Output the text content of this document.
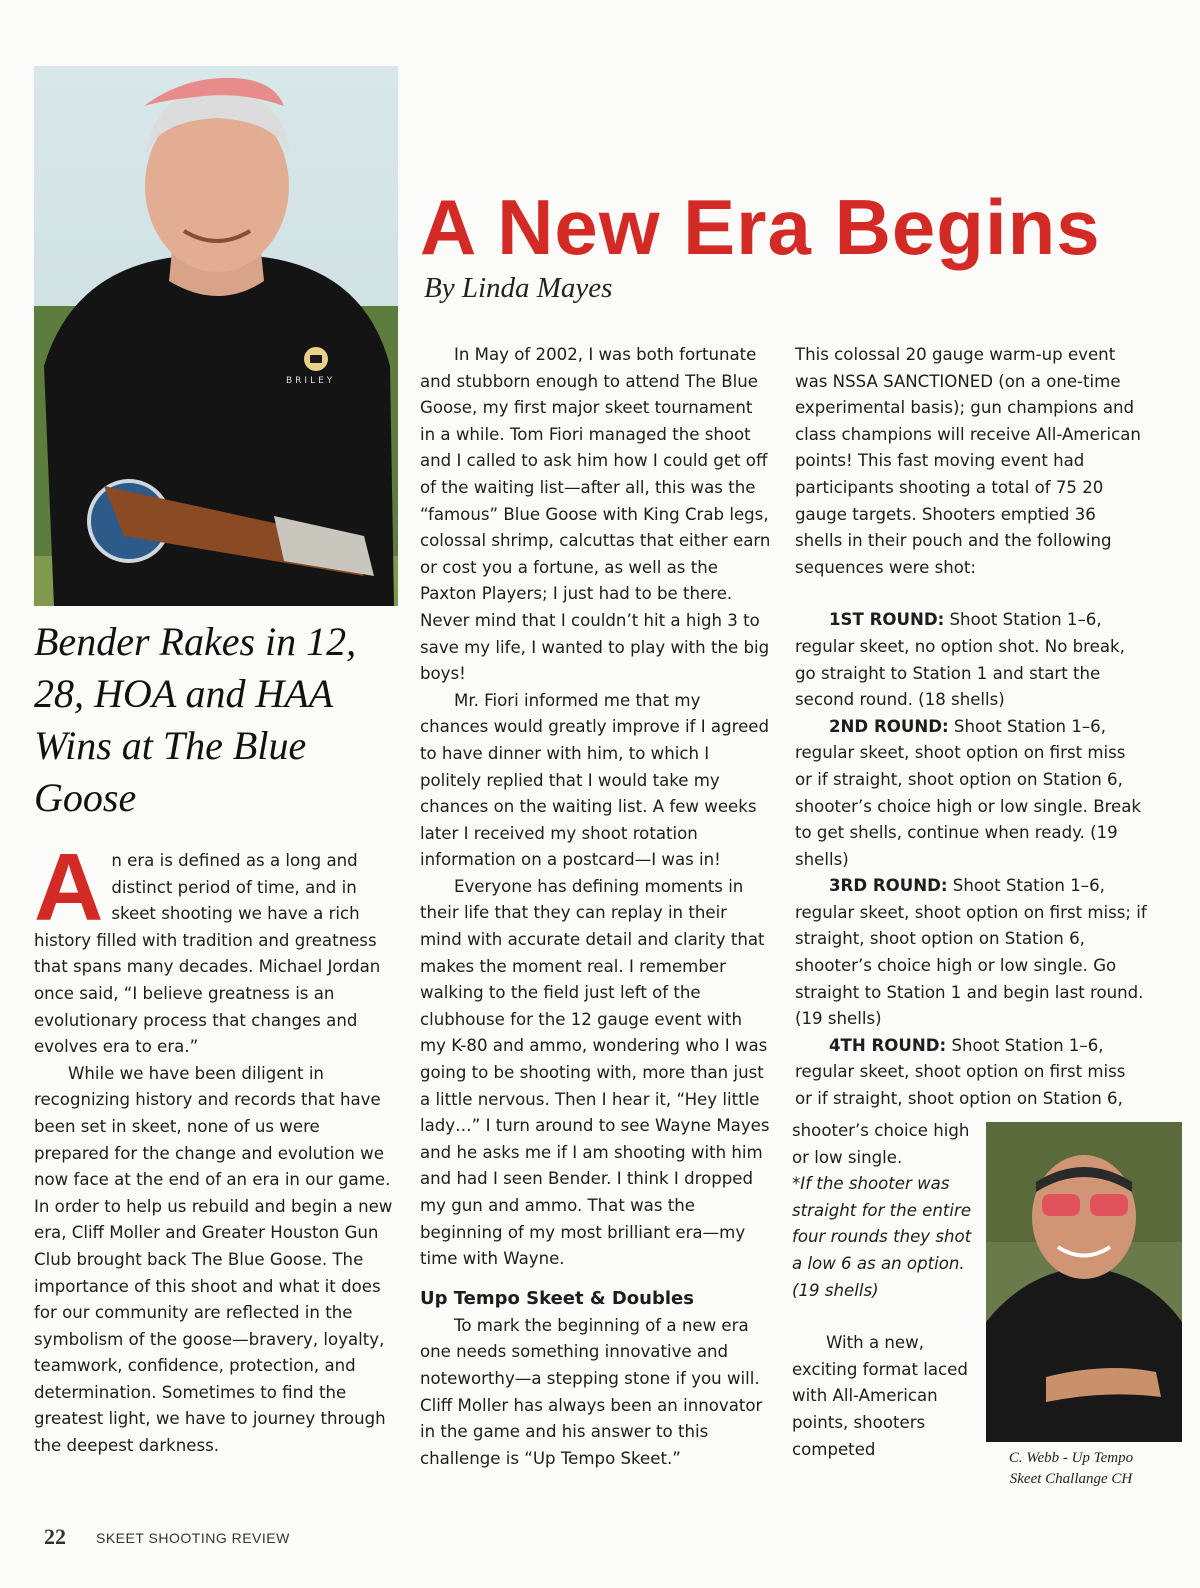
BRILEY
A New Era Begins
By Linda Mayes
Bender Rakes in 12, 28, HOA and HAA Wins at The Blue Goose
A n era is defined as a long and distinct period of time, and in skeet shooting we have a rich history filled with tradition and greatness that spans many decades. Michael Jordan once said, “I believe greatness is an evolutionary process that changes and evolves era to era.”

While we have been diligent in recognizing history and records that have been set in skeet, none of us were prepared for the change and evolution we now face at the end of an era in our game. In order to help us rebuild and begin a new era, Cliff Moller and Greater Houston Gun Club brought back The Blue Goose. The importance of this shoot and what it does for our community are reflected in the symbolism of the goose—bravery, loyalty, teamwork, confidence, protection, and determination. Sometimes to find the greatest light, we have to journey through the deepest darkness.

In May of 2002, I was both fortunate and stubborn enough to attend The Blue Goose, my first major skeet tournament in a while. Tom Fiori managed the shoot and I called to ask him how I could get off of the waiting list—after all, this was the “famous” Blue Goose with King Crab legs, colossal shrimp, calcuttas that either earn or cost you a fortune, as well as the Paxton Players; I just had to be there. Never mind that I couldn’t hit a high 3 to save my life, I wanted to play with the big boys!

Mr. Fiori informed me that my chances would greatly improve if I agreed to have dinner with him, to which I politely replied that I would take my chances on the waiting list. A few weeks later I received my shoot rotation information on a postcard—I was in!

Everyone has defining moments in their life that they can replay in their mind with accurate detail and clarity that makes the moment real. I remember walking to the field just left of the clubhouse for the 12 gauge event with my K-80 and ammo, wondering who I was going to be shooting with, more than just a little nervous. Then I hear it, “Hey little lady…” I turn around to see Wayne Mayes and he asks me if I am shooting with him and had I seen Bender. I think I dropped my gun and ammo. That was the beginning of my most brilliant era—my time with Wayne.

Up Tempo Skeet & Doubles

To mark the beginning of a new era one needs something innovative and noteworthy—a stepping stone if you will. Cliff Moller has always been an innovator in the game and his answer to this challenge is “Up Tempo Skeet.”

This colossal 20 gauge warm-up event was NSSA SANCTIONED (on a one-time experimental basis); gun champions and class champions will receive All-American points! This fast moving event had participants shooting a total of 75 20 gauge targets. Shooters emptied 36 shells in their pouch and the following sequences were shot:

1ST ROUND: Shoot Station 1–6, regular skeet, no option shot. No break, go straight to Station 1 and start the second round. (18 shells)

2ND ROUND: Shoot Station 1–6, regular skeet, shoot option on first miss or if straight, shoot option on Station 6, shooter’s choice high or low single. Break to get shells, continue when ready. (19 shells)

3RD ROUND: Shoot Station 1–6, regular skeet, shoot option on first miss; if straight, shoot option on Station 6, shooter’s choice high or low single. Go straight to Station 1 and begin last round. (19 shells)

4TH ROUND: Shoot Station 1–6, regular skeet, shoot option on first miss or if straight, shoot option on Station 6,

shooter’s choice high or low single.

*If the shooter was straight for the entire four rounds they shot a low 6 as an option. (19 shells)

With a new, exciting format laced with All-American points, shooters competed	C. Webb - Up Tempo
Skeet Challange CH
22 SKEET SHOOTING REVIEW
